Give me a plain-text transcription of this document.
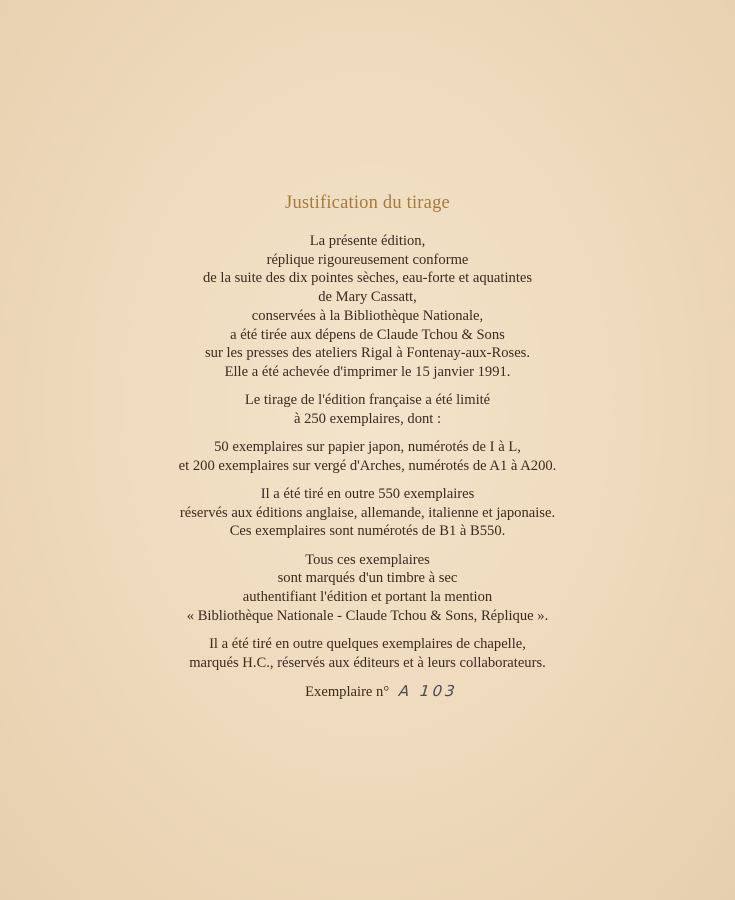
Justification du tirage
La présente édition,
réplique rigoureusement conforme
de la suite des dix pointes sèches, eau-forte et aquatintes
de Mary Cassatt,
conservées à la Bibliothèque Nationale,
a été tirée aux dépens de Claude Tchou & Sons
sur les presses des ateliers Rigal à Fontenay-aux-Roses.
Elle a été achevée d'imprimer le 15 janvier 1991.
Le tirage de l'édition française a été limité
à 250 exemplaires, dont :
50 exemplaires sur papier japon, numérotés de I à L,
et 200 exemplaires sur vergé d'Arches, numérotés de A1 à A200.
Il a été tiré en outre 550 exemplaires
réservés aux éditions anglaise, allemande, italienne et japonaise.
Ces exemplaires sont numérotés de B1 à B550.
Tous ces exemplaires
sont marqués d'un timbre à sec
authentifiant l'édition et portant la mention
« Bibliothèque Nationale - Claude Tchou & Sons, Réplique ».
Il a été tiré en outre quelques exemplaires de chapelle,
marqués H.C., réservés aux éditeurs et à leurs collaborateurs.
Exemplaire n° A 103
